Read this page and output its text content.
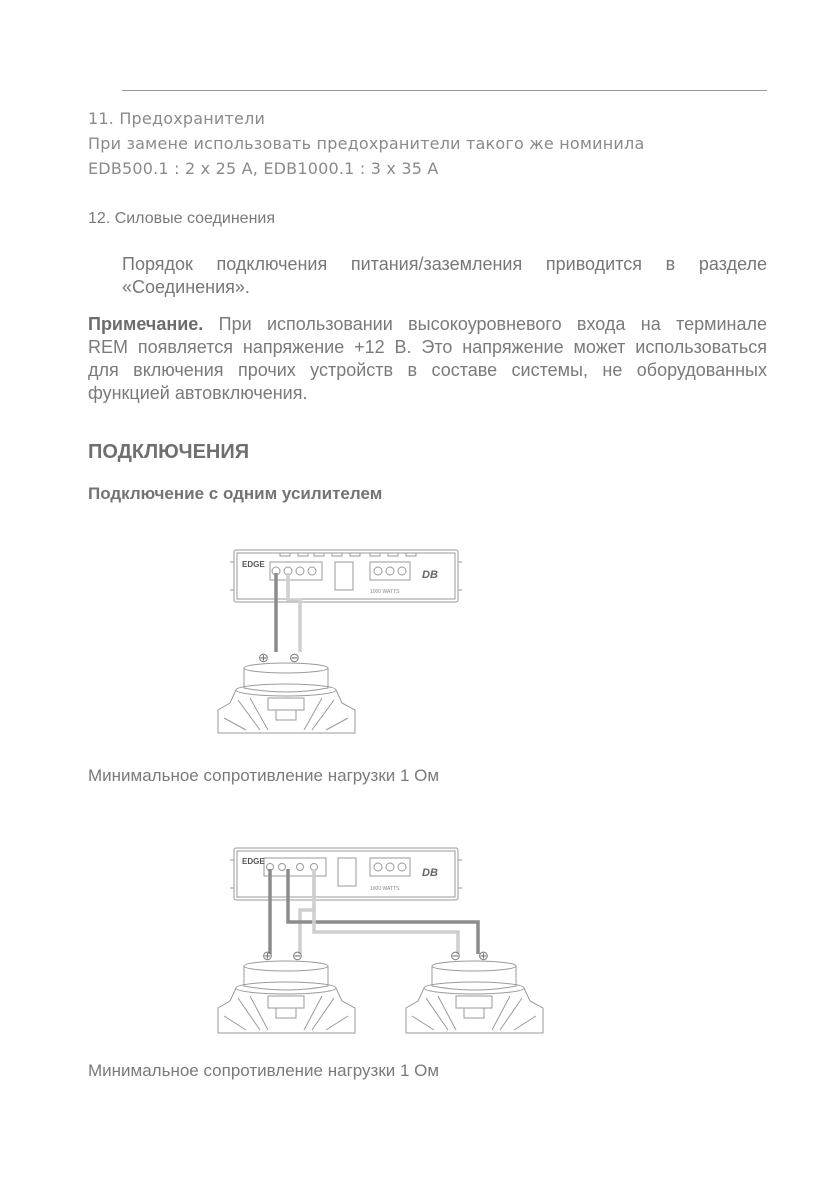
11. Предохранители
При замене использовать предохранители такого же номинила
EDB500.1 : 2 x 25 A, EDB1000.1 : 3 x 35 A
12. Силовые соединения
Порядок подключения питания/заземления приводится в разделе
«Соединения».
Примечание. При использовании высокоуровневого входа на терминале
REM появляется напряжение +12 В. Это напряжение может использоваться
для включения прочих устройств в составе системы, не оборудованных
функцией автовключения.
ПОДКЛЮЧЕНИЯ
Подключение с одним усилителем
EDGE
DB
1000 WATTS
⊕ ⊖
Минимальное сопротивление нагрузки 1 Ом
EDGE
DB
1000 WATTS
⊕ ⊖	⊖ ⊕
Минимальное сопротивление нагрузки 1 Ом
